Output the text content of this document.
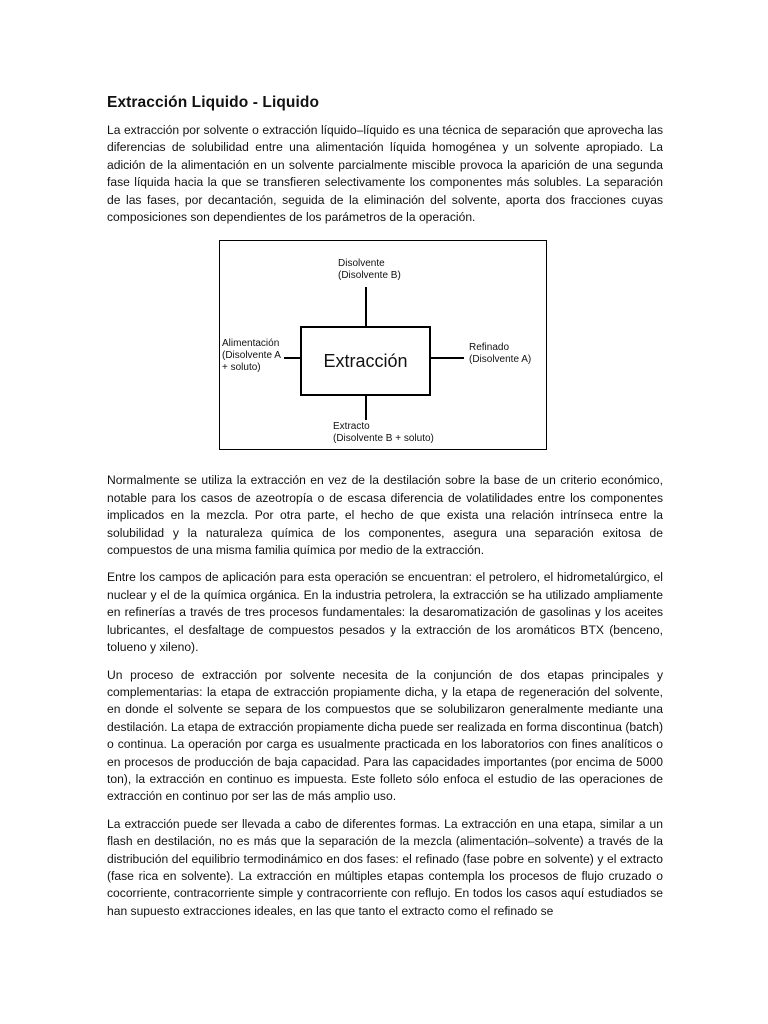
Extracción Liquido - Liquido

La extracción por solvente o extracción líquido–líquido es una técnica de separación que aprovecha las diferencias de solubilidad entre una alimentación líquida homogénea y un solvente apropiado. La adición de la alimentación en un solvente parcialmente miscible provoca la aparición de una segunda fase líquida hacia la que se transfieren selectivamente los componentes más solubles. La separación de las fases, por decantación, seguida de la eliminación del solvente, aporta dos fracciones cuyas composiciones son dependientes de los parámetros de la operación.

Disolvente
(Disolvente B)
Alimentación
(Disolvente A
+ soluto)	Extracción
Refinado
(Disolvente A)
Extracto
(Disolvente B + soluto)

Normalmente se utiliza la extracción en vez de la destilación sobre la base de un criterio económico, notable para los casos de azeotropía o de escasa diferencia de volatilidades entre los componentes implicados en la mezcla. Por otra parte, el hecho de que exista una relación intrínseca entre la solubilidad y la naturaleza química de los componentes, asegura una separación exitosa de compuestos de una misma familia química por medio de la extracción.

Entre los campos de aplicación para esta operación se encuentran: el petrolero, el hidrometalúrgico, el nuclear y el de la química orgánica. En la industria petrolera, la extracción se ha utilizado ampliamente en refinerías a través de tres procesos fundamentales: la desaromatización de gasolinas y los aceites lubricantes, el desfaltage de compuestos pesados y la extracción de los aromáticos BTX (benceno, tolueno y xileno).

Un proceso de extracción por solvente necesita de la conjunción de dos etapas principales y complementarias: la etapa de extracción propiamente dicha, y la etapa de regeneración del solvente, en donde el solvente se separa de los compuestos que se solubilizaron generalmente mediante una destilación. La etapa de extracción propiamente dicha puede ser realizada en forma discontinua (batch) o continua. La operación por carga es usualmente practicada en los laboratorios con fines analíticos o en procesos de producción de baja capacidad. Para las capacidades importantes (por encima de 5000 ton), la extracción en continuo es impuesta. Este folleto sólo enfoca el estudio de las operaciones de extracción en continuo por ser las de más amplio uso.

La extracción puede ser llevada a cabo de diferentes formas. La extracción en una etapa, similar a un flash en destilación, no es más que la separación de la mezcla (alimentación–solvente) a través de la distribución del equilibrio termodinámico en dos fases: el refinado (fase pobre en solvente) y el extracto (fase rica en solvente). La extracción en múltiples etapas contempla los procesos de flujo cruzado o cocorriente, contracorriente simple y contracorriente con reflujo. En todos los casos aquí estudiados se han supuesto extracciones ideales, en las que tanto el extracto como el refinado se
